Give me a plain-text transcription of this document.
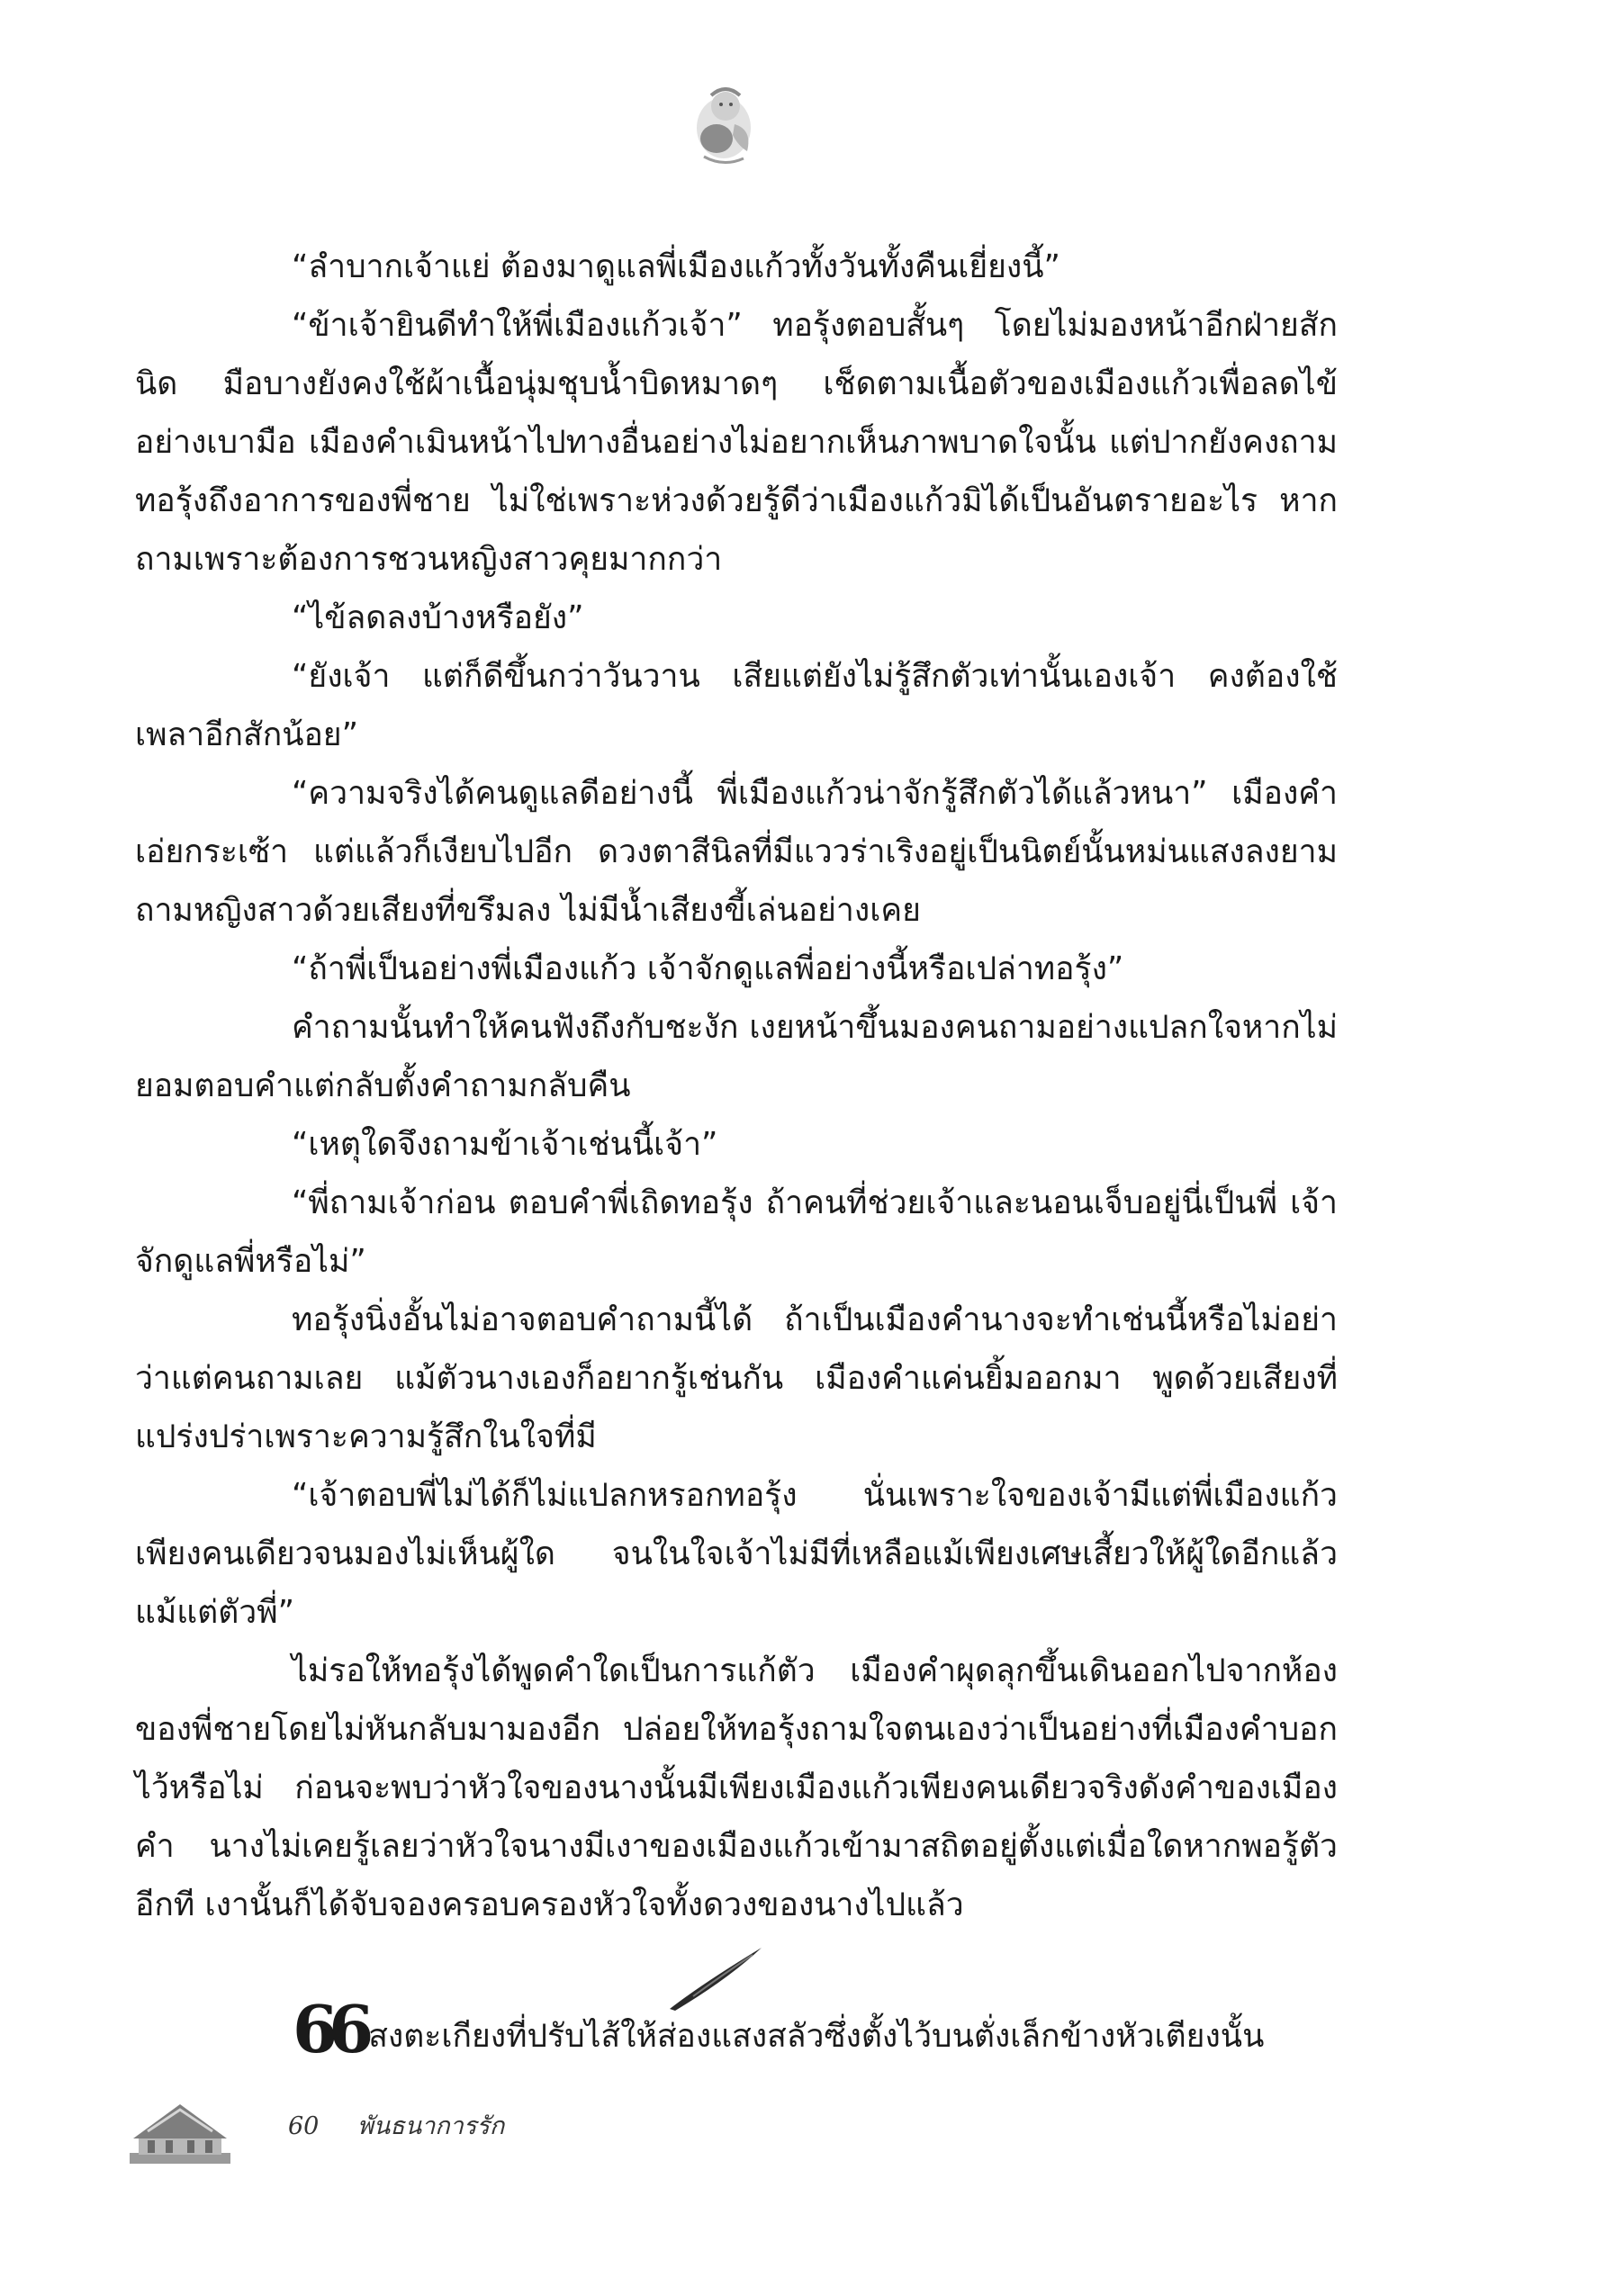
“ลำบากเจ้าแย่ ต้องมาดูแลพี่เมืองแก้วทั้งวันทั้งคืนเยี่ยงนี้”

“ข้าเจ้ายินดีทำให้พี่เมืองแก้วเจ้า” ทอรุ้งตอบสั้นๆ โดยไม่มองหน้าอีกฝ่ายสักนิด มือบางยังคงใช้ผ้าเนื้อนุ่มชุบน้ำบิดหมาดๆ เช็ดตามเนื้อตัวของเมืองแก้วเพื่อลดไข้อย่างเบามือ เมืองคำเมินหน้าไปทางอื่นอย่างไม่อยากเห็นภาพบาดใจนั้น แต่ปากยังคงถามทอรุ้งถึงอาการของพี่ชาย ไม่ใช่เพราะห่วงด้วยรู้ดีว่าเมืองแก้วมิได้เป็นอันตรายอะไร หากถามเพราะต้องการชวนหญิงสาวคุยมากกว่า

“ไข้ลดลงบ้างหรือยัง”

“ยังเจ้า แต่ก็ดีขึ้นกว่าวันวาน เสียแต่ยังไม่รู้สึกตัวเท่านั้นเองเจ้า คงต้องใช้เพลาอีกสักน้อย”

“ความจริงได้คนดูแลดีอย่างนี้ พี่เมืองแก้วน่าจักรู้สึกตัวได้แล้วหนา” เมืองคำเอ่ยกระเซ้า แต่แล้วก็เงียบไปอีก ดวงตาสีนิลที่มีแววร่าเริงอยู่เป็นนิตย์นั้นหม่นแสงลงยามถามหญิงสาวด้วยเสียงที่ขรึมลง ไม่มีน้ำเสียงขี้เล่นอย่างเคย

“ถ้าพี่เป็นอย่างพี่เมืองแก้ว เจ้าจักดูแลพี่อย่างนี้หรือเปล่าทอรุ้ง”

คำถามนั้นทำให้คนฟังถึงกับชะงัก เงยหน้าขึ้นมองคนถามอย่างแปลกใจหากไม่ยอมตอบคำแต่กลับตั้งคำถามกลับคืน

“เหตุใดจึงถามข้าเจ้าเช่นนี้เจ้า”

“พี่ถามเจ้าก่อน ตอบคำพี่เถิดทอรุ้ง ถ้าคนที่ช่วยเจ้าและนอนเจ็บอยู่นี่เป็นพี่ เจ้าจักดูแลพี่หรือไม่”

ทอรุ้งนิ่งอั้นไม่อาจตอบคำถามนี้ได้ ถ้าเป็นเมืองคำนางจะทำเช่นนี้หรือไม่อย่าว่าแต่คนถามเลย แม้ตัวนางเองก็อยากรู้เช่นกัน เมืองคำแค่นยิ้มออกมา พูดด้วยเสียงที่แปร่งปร่าเพราะความรู้สึกในใจที่มี

“เจ้าตอบพี่ไม่ได้ก็ไม่แปลกหรอกทอรุ้ง นั่นเพราะใจของเจ้ามีแต่พี่เมืองแก้วเพียงคนเดียวจนมองไม่เห็นผู้ใด จนในใจเจ้าไม่มีที่เหลือแม้เพียงเศษเสี้ยวให้ผู้ใดอีกแล้ว แม้แต่ตัวพี่”

ไม่รอให้ทอรุ้งได้พูดคำใดเป็นการแก้ตัว เมืองคำผุดลุกขึ้นเดินออกไปจากห้องของพี่ชายโดยไม่หันกลับมามองอีก ปล่อยให้ทอรุ้งถามใจตนเองว่าเป็นอย่างที่เมืองคำบอกไว้หรือไม่ ก่อนจะพบว่าหัวใจของนางนั้นมีเพียงเมืองแก้วเพียงคนเดียวจริงดังคำของเมืองคำ นางไม่เคยรู้เลยว่าหัวใจนางมีเงาของเมืองแก้วเข้ามาสถิตอยู่ตั้งแต่เมื่อใดหากพอรู้ตัวอีกที เงานั้นก็ได้จับจองครอบครองหัวใจทั้งดวงของนางไปแล้ว

66 สงตะเกียงที่ปรับไส้ให้ส่องแสงสลัวซึ่งตั้งไว้บนตั่งเล็กข้างหัวเตียงนั้น
60 พันธนาการรัก
